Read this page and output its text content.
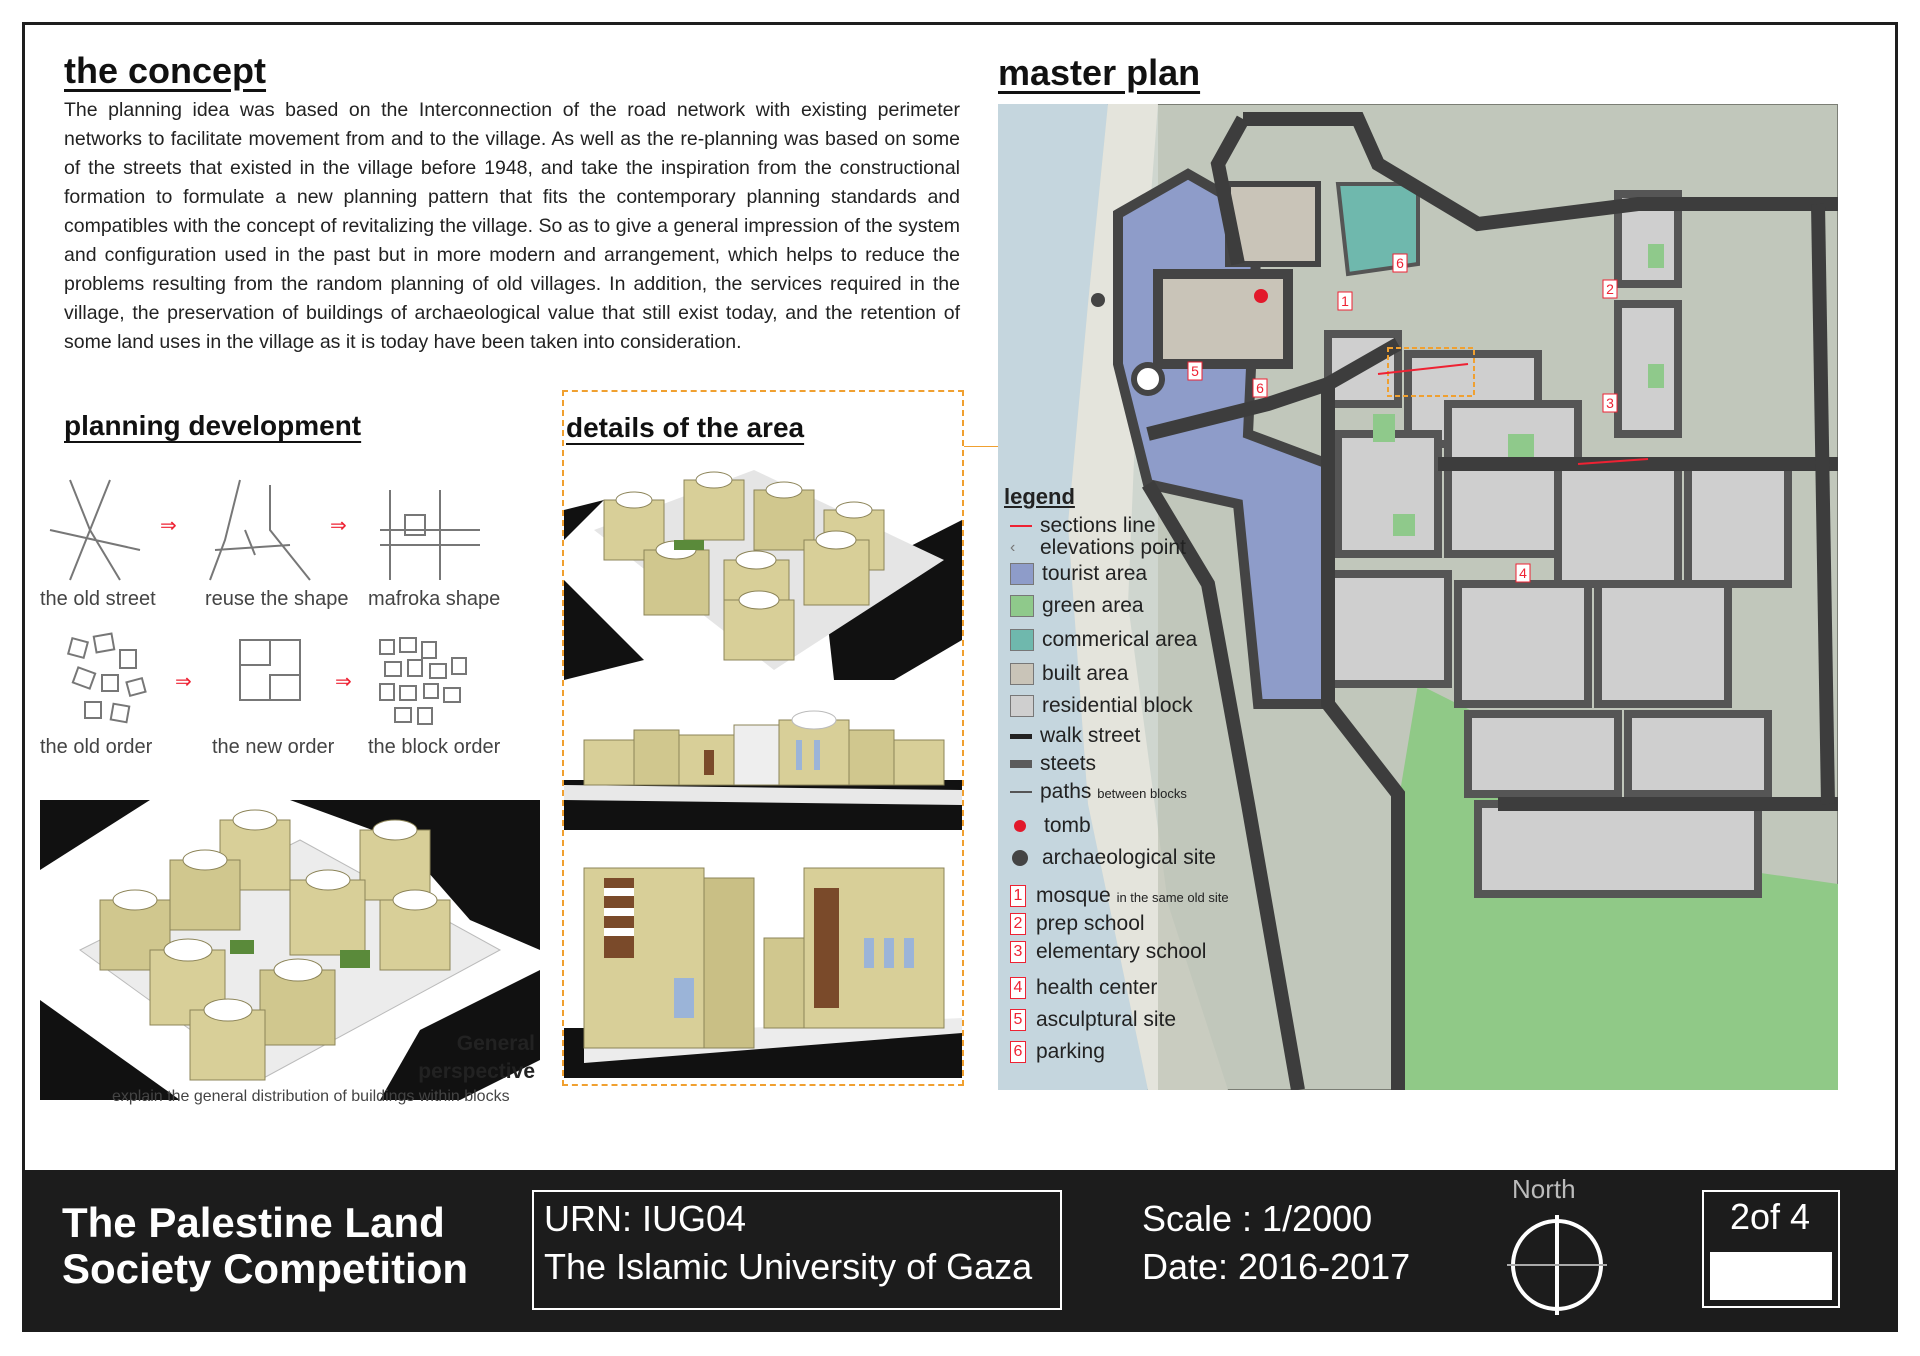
the concept
The planning idea was based on the Interconnection of the road network with existing perimeter networks to facilitate movement from and to the village. As well as the re-planning was based on some of the streets that existed in the village before 1948, and take the inspiration from the constructional formation to formulate a new planning pattern that fits the contemporary planning standards and compatibles with the concept of revitalizing the village. So as to give a general impression of the system and configuration used in the past but in more modern and arrangement, which helps to reduce the problems resulting from the random planning of old villages. In addition, the services required in the village, the preservation of buildings of archaeological value that still exist today, and the retention of some land uses in the village as it is today have been taken into consideration.
planning development
⇒	⇒
⇒	⇒
the old street reuse the shape mafroka shape
the old order	the new order the block order
General
perspective
explain the general distribution of buildings within blocks
details of the area
master plan
1
2
3
4
5
6
6
legend
sections line
‹ elevations point
tourist area
green area
commerical area
built area
residential block
walk street
steets
paths between blocks
tomb
archaeological site
1 mosque in the same old site
2 prep school
3 elementary school
4 health center
5 asculptural site
6 parking
The Palestine Land
Society Competition
URN: IUG04
The Islamic University of Gaza
Scale : 1/2000
Date: 2016-2017
North
2of 4
